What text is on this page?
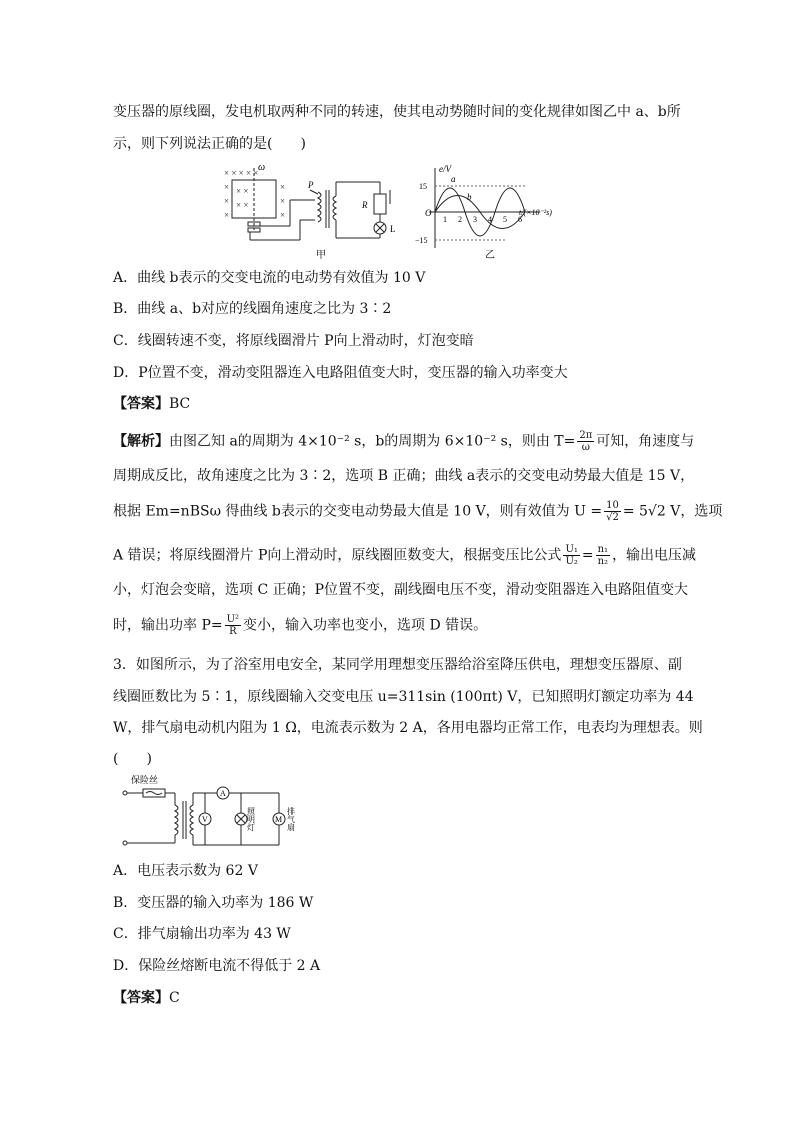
变压器的原线圈，发电机取两种不同的转速，使其电动势随时间的变化规律如图乙中 a、b所
示，则下列说法正确的是(　　)
× × × × ×
×	×
×	×
×	×
× ×
× ×
ω
P
R
L
甲
e/V
15
−15
O	t/(×10⁻²s)
1 2 3 4 5 6
a
b
乙
A．曲线 b表示的交变电流的电动势有效值为 10 V
B．曲线 a、b对应的线圈角速度之比为 3∶2
C．线圈转速不变，将原线圈滑片 P向上滑动时，灯泡变暗
D．P位置不变，滑动变阻器连入电路阻值变大时，变压器的输入功率变大
【答案】BC
【解析】由图乙知 a的周期为 4×10⁻² s，b的周期为 6×10⁻² s，则由 $T= \frac{2\pi}{\omega}$ 可知，角速度与
周期成反比，故角速度之比为 3∶2，选项 B 正确；曲线 a表示的交变电动势最大值是 15 V，
根据 Em=nBSω 得曲线 b表示的交变电动势最大值是 10 V，则有效值为 $U = \frac{10}{√2} = 5√2$ V，选项
A 错误；将原线圈滑片 P向上滑动时，原线圈匝数变大，根据变压比公式 $\frac{\text{U₁}}{\text{U₂}} = \frac{\text{n₁}}{\text{n₂}}$ ，输出电压减
小，灯泡会变暗，选项 C 正确；P位置不变，副线圈电压不变，滑动变阻器连入电路阻值变大
时，输出功率 $P= \frac{\text{U²}}{R}$ 变小，输入功率也变小，选项 D 错误。
3．如图所示，为了浴室用电安全，某同学用理想变压器给浴室降压供电，理想变压器原、副
线圈匝数比为 5∶1，原线圈输入交变电压 u=311sin (100πt) V，已知照明灯额定功率为 44
W，排气扇电动机内阻为 1 Ω，电流表示数为 2 A，各用电器均正常工作，电表均为理想表。则
(　　)
保险丝
A
V	M
照明灯	排气扇
A．电压表示数为 62 V
B．变压器的输入功率为 186 W
C．排气扇输出功率为 43 W
D．保险丝熔断电流不得低于 2 A
【答案】C
